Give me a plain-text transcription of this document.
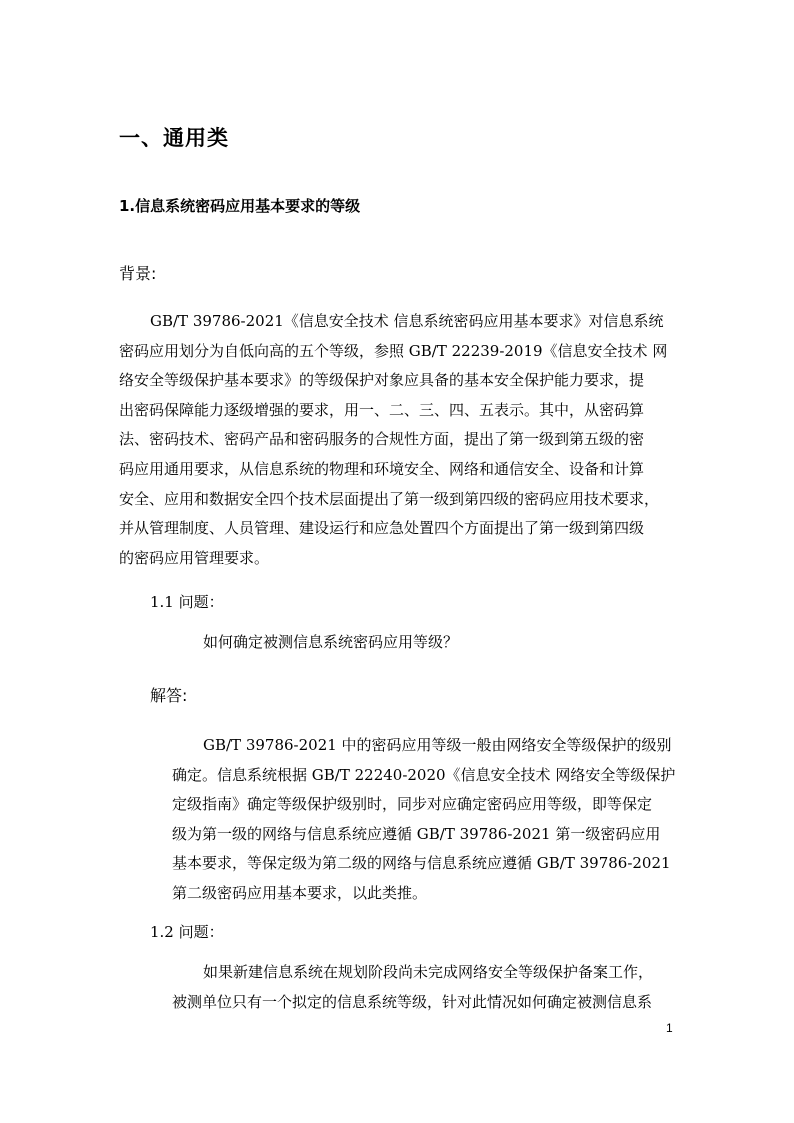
一、通用类
1.信息系统密码应用基本要求的等级
背景:
GB/T 39786-2021《信息安全技术 信息系统密码应用基本要求》对信息系统
密码应用划分为自低向高的五个等级，参照 GB/T 22239-2019《信息安全技术 网
络安全等级保护基本要求》的等级保护对象应具备的基本安全保护能力要求，提
出密码保障能力逐级增强的要求，用一、二、三、四、五表示。其中，从密码算
法、密码技术、密码产品和密码服务的合规性方面，提出了第一级到第五级的密
码应用通用要求，从信息系统的物理和环境安全、网络和通信安全、设备和计算
安全、应用和数据安全四个技术层面提出了第一级到第四级的密码应用技术要求，
并从管理制度、人员管理、建设运行和应急处置四个方面提出了第一级到第四级
的密码应用管理要求。
1.1 问题：
如何确定被测信息系统密码应用等级？
解答:
GB/T 39786-2021 中的密码应用等级一般由网络安全等级保护的级别
确定。信息系统根据 GB/T 22240-2020《信息安全技术 网络安全等级保护
定级指南》确定等级保护级别时，同步对应确定密码应用等级，即等保定
级为第一级的网络与信息系统应遵循 GB/T 39786-2021 第一级密码应用
基本要求，等保定级为第二级的网络与信息系统应遵循 GB/T 39786-2021
第二级密码应用基本要求，以此类推。
1.2 问题：
如果新建信息系统在规划阶段尚未完成网络安全等级保护备案工作，
被测单位只有一个拟定的信息系统等级，针对此情况如何确定被测信息系
1
